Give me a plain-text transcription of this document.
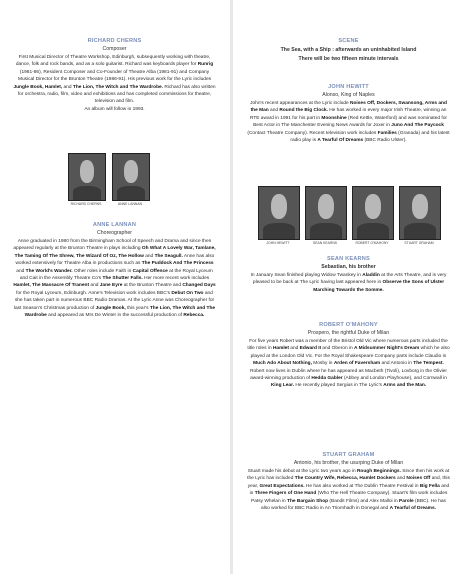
RICHARD CHERNS
Composer
First Musical Director of Theatre Workshop, Edinburgh, subsequently working with theatre, dance, folk and rock bands, and as a solo guitarist. Richard was keyboards player for Runrig (1981-86), Resident Composer and Co-Founder of Theatre Alba (1981-91) and Company Musical Director for the Brunton Theatre (1986-91). His previous work for the Lyric includes Jungle Book, Hamlet, and The Lion, The Witch and The Wardrobe. Richard has also written for orchestra, radio, film, video and exhibitions and has completed commissions for theatre, television and film.
An album will follow in 1993.
RICHARD CHERNS	ANNE LANNAN
ANNE LANNAN
Choreographer
Anne graduated in 1980 from the Birmingham School of Speech and Drama and since then appeared regularly at the Brunton Theatre in plays including Oh What A Lovely War, Tamlane, The Taming Of The Shrew, The Wizard Of Oz, The Hollow and The Seagull. Anne has also worked extensively for Theatre Alba in productions such as The Puddock And The Princess and The World's Wander. Other roles include Faith in Capital Offence at the Royal Lyceum and Cait in the Assembly Theatre Co's The Shutter Falls. Her more recent work includes Hamlet, The Massacre Of Tranent and Jane Eyre at the Brunton Theatre and Changed Days for the Royal Lyceum, Edinburgh. Anne's Television work includes BBC's Debut On Two and she has taken part in numerous BBC Radio Dramas. At the Lyric Anne was Choreographer for last Season's Christmas production of Jungle Book, this year's The Lion, The Witch and The Wardrobe and appeared as Mrs De Winter in the successful production of Rebecca.
SCENE
The Sea, with a Ship : afterwards an uninhabited Island
There will be two fifteen minute intervals
JOHN HEWITT
Alonso, King of Naples
John's recent appearances at the Lyric include Noises Off, Dockers, Swansong, Arms and the Man and Round the Big Clock. He has worked in every major Irish Theatre, winning an RTE award in 1991 for his part in Moonshine (Red Kettle, Waterford) and was nominated for Best Actor in The Manchester Evening News Awards for Joxer in Juno And The Paycock (Contact Theatre Company). Recent television work includes Families (Granada) and his latest radio play is A Tearful Of Dreams (BBC Radio Ulster).
JOHN HEWITT	SEAN KEARNS	ROBERT O'MAHONY	STUART GRAHAM
SEAN KEARNS
Sebastian, his brother
In January Sean finished playing Widow Twankey in Aladdin at the Arts Theatre, and is very pleased to be back at The Lyric having last appeared here in Observe the Sons of Ulster Marching Towards the Somme.
ROBERT O'MAHONY
Prospero, the rightful Duke of Milan
For five years Robert was a member of the Bristol Old Vic where numerous parts included the title roles in Hamlet and Edward II and Oberon in A Midsummer Night's Dream which he also played at the London Old Vic. For the Royal Shakespeare Company parts include Claudio in Much Ado About Nothing, Mosby in Arden of Faversham and Antonio in The Tempest. Robert now lives in Dublin where he has appeared as Macbeth (Tivoli), Lovborg in the Olivier award-winning production of Hedda Gabler (Abbey and London Playhouse), and Cornwall in King Lear. He recently played Sergius in The Lyric's Arms and the Man.
STUART GRAHAM
Antonio, his brother, the usurping Duke of Milan
Stuart made his debut at the Lyric two years ago in Rough Beginnings. Since then his work at the Lyric has included The Country Wife, Rebecca, Hamlet Dockers and Noises Off and, this year, Great Expectations. He has also worked at The Dublin Theatre Festival in Big Fella and in Three Fingers of One Hand (Who The Hell Theatre Company). Stuart's film work includes Patsy Whelan in The Bargain Shop (Bandit Films) and Alex Malloi in Parole (BBC). He has also worked for BBC Radio in An Triomhadh in Donegal and A Tearful of Dreams.
